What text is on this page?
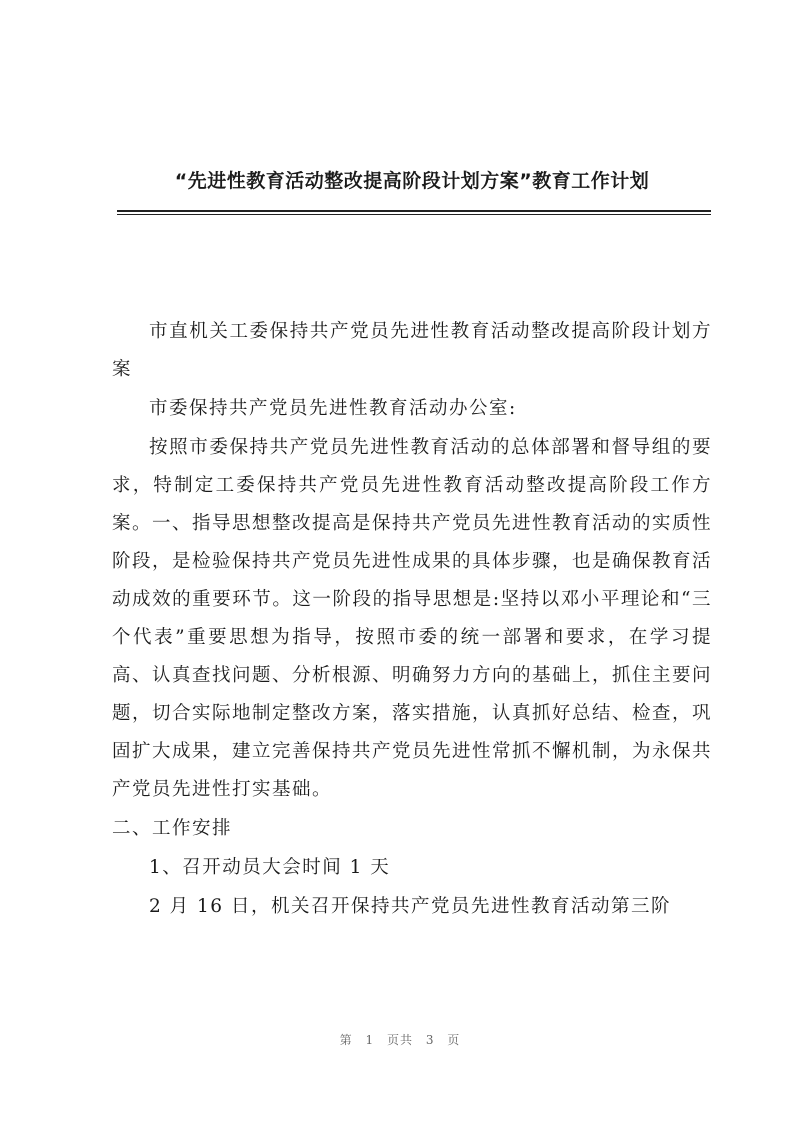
“先进性教育活动整改提高阶段计划方案”教育工作计划

市直机关工委保持共产党员先进性教育活动整改提高阶段计划方案

市委保持共产党员先进性教育活动办公室:

按照市委保持共产党员先进性教育活动的总体部署和督导组的要求，特制定工委保持共产党员先进性教育活动整改提高阶段工作方案。一、指导思想整改提高是保持共产党员先进性教育活动的实质性阶段，是检验保持共产党员先进性成果的具体步骤，也是确保教育活动成效的重要环节。这一阶段的指导思想是:坚持以邓小平理论和“三个代表”重要思想为指导，按照市委的统一部署和要求，在学习提高、认真查找问题、分析根源、明确努力方向的基础上，抓住主要问题，切合实际地制定整改方案，落实措施，认真抓好总结、检查，巩固扩大成果，建立完善保持共产党员先进性常抓不懈机制，为永保共产党员先进性打实基础。

二、工作安排

1、召开动员大会时间 1 天

2 月 16 日，机关召开保持共产党员先进性教育活动第三阶

第 1 页共 3 页
